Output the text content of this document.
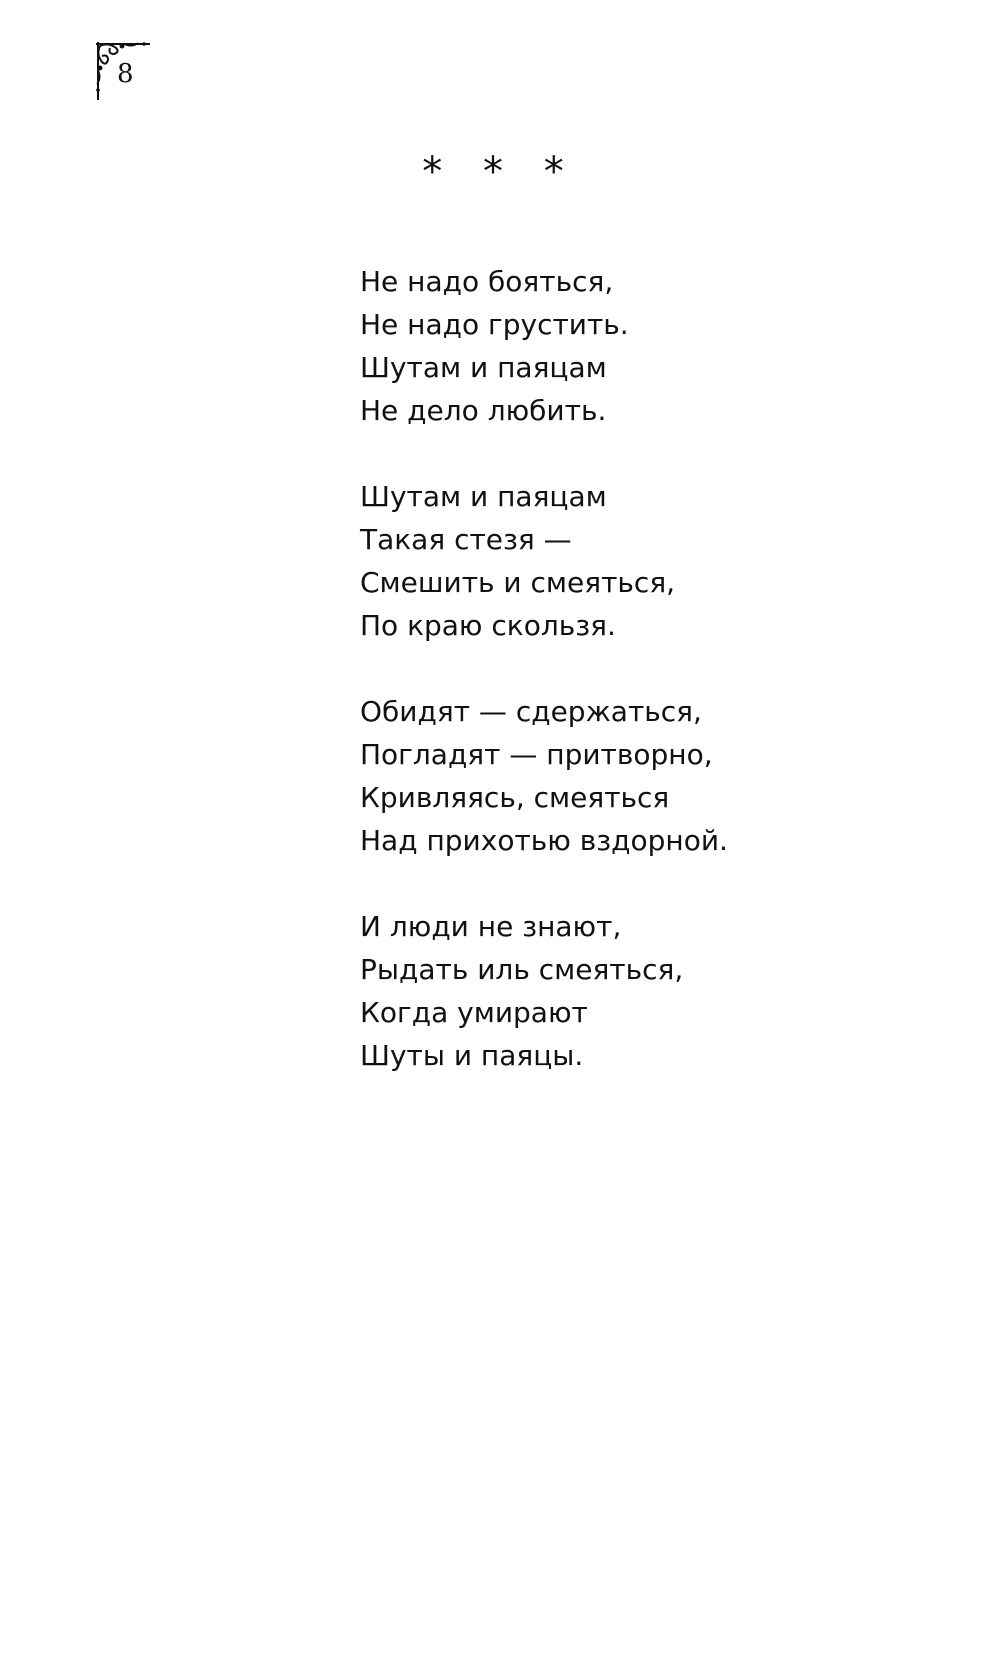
8
* * *
Не надо бояться,
Не надо грустить.
Шутам и паяцам
Не дело любить.
Шутам и паяцам
Такая стезя —
Смешить и смеяться,
По краю скользя.
Обидят — сдержаться,
Погладят — притворно,
Кривляясь, смеяться
Над прихотью вздорной.
И люди не знают,
Рыдать иль смеяться,
Когда умирают
Шуты и паяцы.
